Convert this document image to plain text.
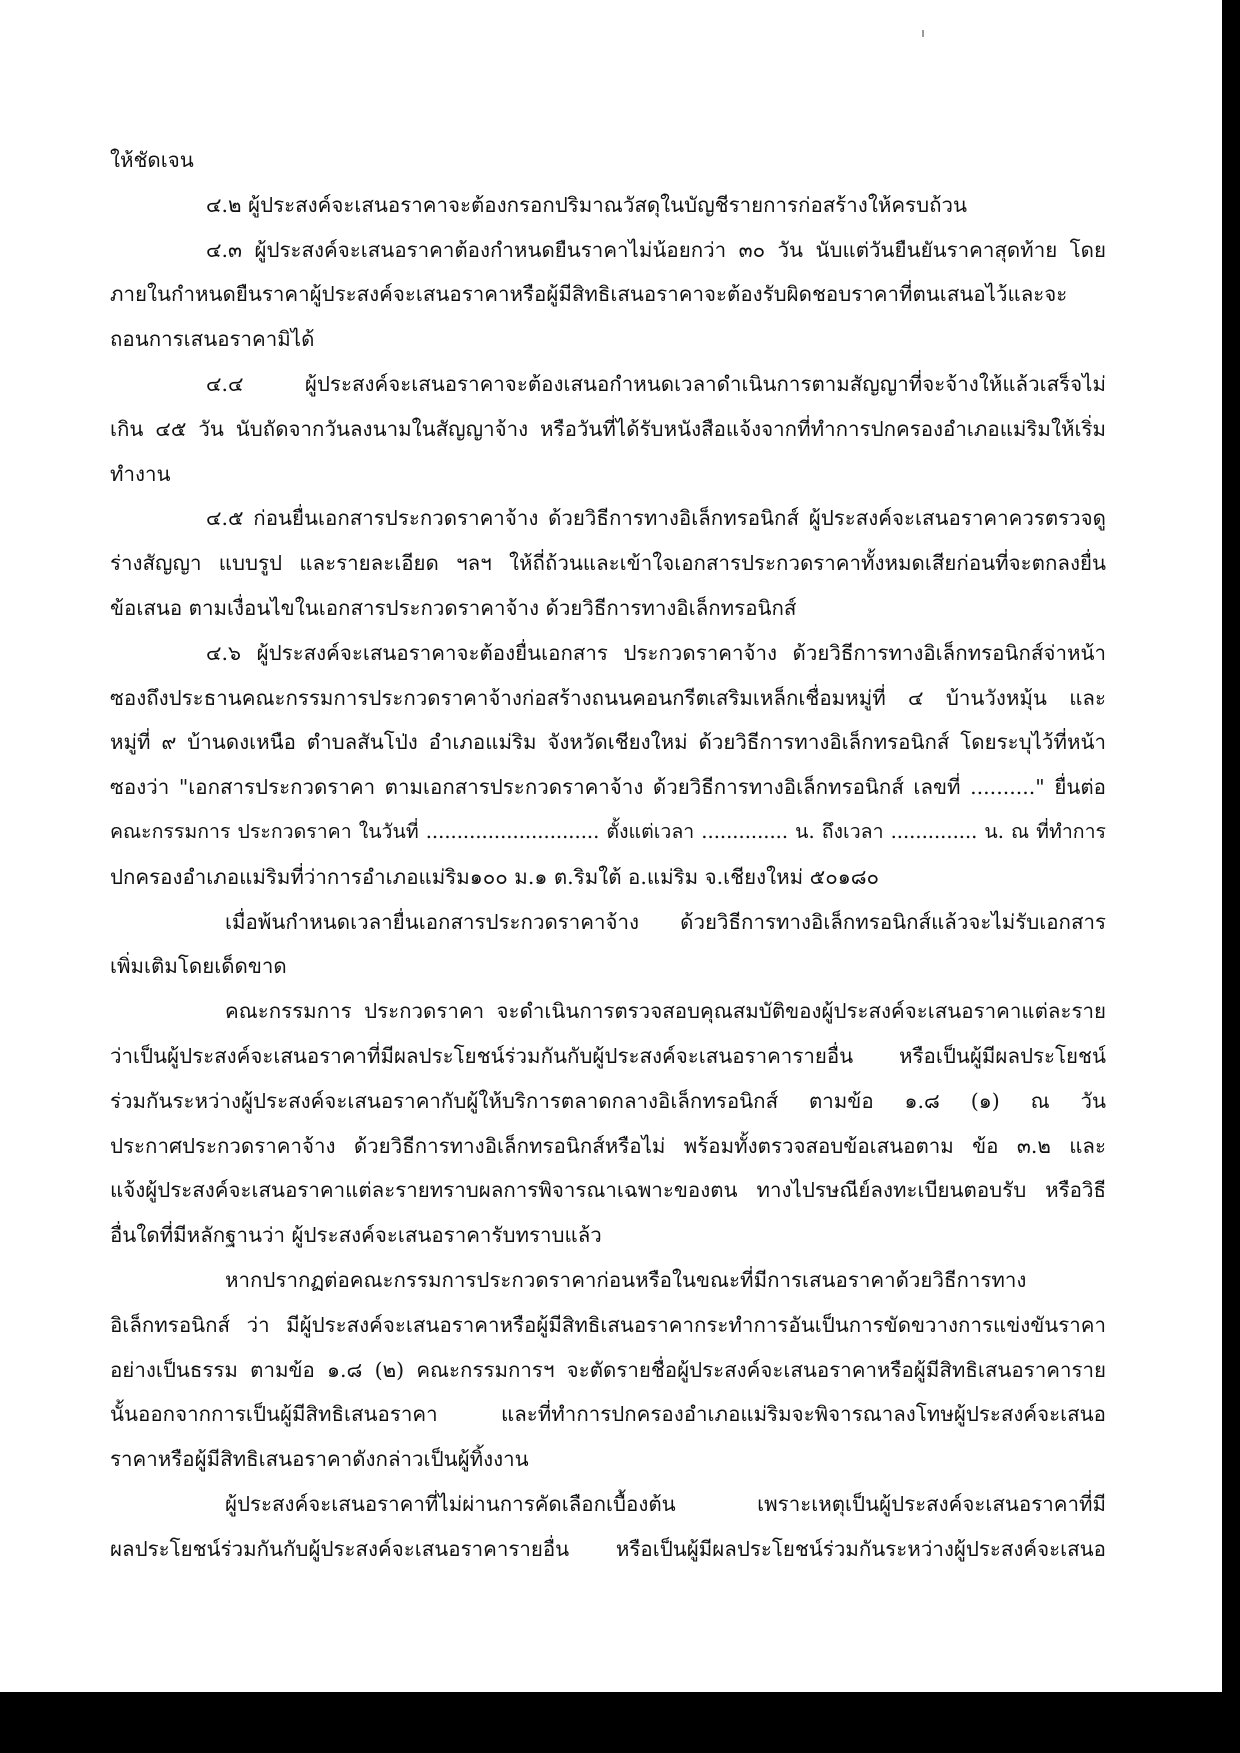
ให้ชัดเจน
๔.๒ ผู้ประสงค์จะเสนอราคาจะต้องกรอกปริมาณวัสดุในบัญชีรายการก่อสร้างให้ครบถ้วน
๔.๓ ผู้ประสงค์จะเสนอราคาต้องกำหนดยืนราคาไม่น้อยกว่า ๓๐ วัน นับแต่วันยืนยันราคาสุดท้าย โดย
ภายในกำหนดยืนราคาผู้ประสงค์จะเสนอราคาหรือผู้มีสิทธิเสนอราคาจะต้องรับผิดชอบราคาที่ตนเสนอไว้และจะ
ถอนการเสนอราคามิได้
๔.๔ ผู้ประสงค์จะเสนอราคาจะต้องเสนอกำหนดเวลาดำเนินการตามสัญญาที่จะจ้างให้แล้วเสร็จไม่
เกิน ๔๕ วัน นับถัดจากวันลงนามในสัญญาจ้าง หรือวันที่ได้รับหนังสือแจ้งจากที่ทำการปกครองอำเภอแม่ริมให้เริ่ม
ทำงาน
๔.๕ ก่อนยื่นเอกสารประกวดราคาจ้าง ด้วยวิธีการทางอิเล็กทรอนิกส์ ผู้ประสงค์จะเสนอราคาควรตรวจดู
ร่างสัญญา แบบรูป และรายละเอียด ฯลฯ ให้ถี่ถ้วนและเข้าใจเอกสารประกวดราคาทั้งหมดเสียก่อนที่จะตกลงยื่น
ข้อเสนอ ตามเงื่อนไขในเอกสารประกวดราคาจ้าง ด้วยวิธีการทางอิเล็กทรอนิกส์
๔.๖ ผู้ประสงค์จะเสนอราคาจะต้องยื่นเอกสาร ประกวดราคาจ้าง ด้วยวิธีการทางอิเล็กทรอนิกส์จ่าหน้า
ซองถึงประธานคณะกรรมการประกวดราคาจ้างก่อสร้างถนนคอนกรีตเสริมเหล็กเชื่อมหมู่ที่ ๔ บ้านวังหมุ้น และ
หมู่ที่ ๙ บ้านดงเหนือ ตำบลสันโป่ง อำเภอแม่ริม จังหวัดเชียงใหม่ ด้วยวิธีการทางอิเล็กทรอนิกส์ โดยระบุไว้ที่หน้า
ซองว่า "เอกสารประกวดราคา ตามเอกสารประกวดราคาจ้าง ด้วยวิธีการทางอิเล็กทรอนิกส์ เลขที่ .........." ยื่นต่อ
คณะกรรมการ ประกวดราคา ในวันที่ ............................ ตั้งแต่เวลา .............. น. ถึงเวลา .............. น. ณ ที่ทำการ
ปกครองอำเภอแม่ริมที่ว่าการอำเภอแม่ริม๑๐๐ ม.๑ ต.ริมใต้ อ.แม่ริม จ.เชียงใหม่ ๕๐๑๘๐
เมื่อพ้นกำหนดเวลายื่นเอกสารประกวดราคาจ้าง ด้วยวิธีการทางอิเล็กทรอนิกส์แล้วจะไม่รับเอกสาร
เพิ่มเติมโดยเด็ดขาด
คณะกรรมการ ประกวดราคา จะดำเนินการตรวจสอบคุณสมบัติของผู้ประสงค์จะเสนอราคาแต่ละราย
ว่าเป็นผู้ประสงค์จะเสนอราคาที่มีผลประโยชน์ร่วมกันกับผู้ประสงค์จะเสนอราคารายอื่น หรือเป็นผู้มีผลประโยชน์
ร่วมกันระหว่างผู้ประสงค์จะเสนอราคากับผู้ให้บริการตลาดกลางอิเล็กทรอนิกส์ ตามข้อ ๑.๘ (๑) ณ วัน
ประกาศประกวดราคาจ้าง ด้วยวิธีการทางอิเล็กทรอนิกส์หรือไม่ พร้อมทั้งตรวจสอบข้อเสนอตาม ข้อ ๓.๒ และ
แจ้งผู้ประสงค์จะเสนอราคาแต่ละรายทราบผลการพิจารณาเฉพาะของตน ทางไปรษณีย์ลงทะเบียนตอบรับ หรือวิธี
อื่นใดที่มีหลักฐานว่า ผู้ประสงค์จะเสนอราคารับทราบแล้ว
หากปรากฏต่อคณะกรรมการประกวดราคาก่อนหรือในขณะที่มีการเสนอราคาด้วยวิธีการทาง
อิเล็กทรอนิกส์ ว่า มีผู้ประสงค์จะเสนอราคาหรือผู้มีสิทธิเสนอราคากระทำการอันเป็นการขัดขวางการแข่งขันราคา
อย่างเป็นธรรม ตามข้อ ๑.๘ (๒) คณะกรรมการฯ จะตัดรายชื่อผู้ประสงค์จะเสนอราคาหรือผู้มีสิทธิเสนอราคาราย
นั้นออกจากการเป็นผู้มีสิทธิเสนอราคา และที่ทำการปกครองอำเภอแม่ริมจะพิจารณาลงโทษผู้ประสงค์จะเสนอ
ราคาหรือผู้มีสิทธิเสนอราคาดังกล่าวเป็นผู้ทิ้งงาน
ผู้ประสงค์จะเสนอราคาที่ไม่ผ่านการคัดเลือกเบื้องต้น เพราะเหตุเป็นผู้ประสงค์จะเสนอราคาที่มี
ผลประโยชน์ร่วมกันกับผู้ประสงค์จะเสนอราคารายอื่น หรือเป็นผู้มีผลประโยชน์ร่วมกันระหว่างผู้ประสงค์จะเสนอ
